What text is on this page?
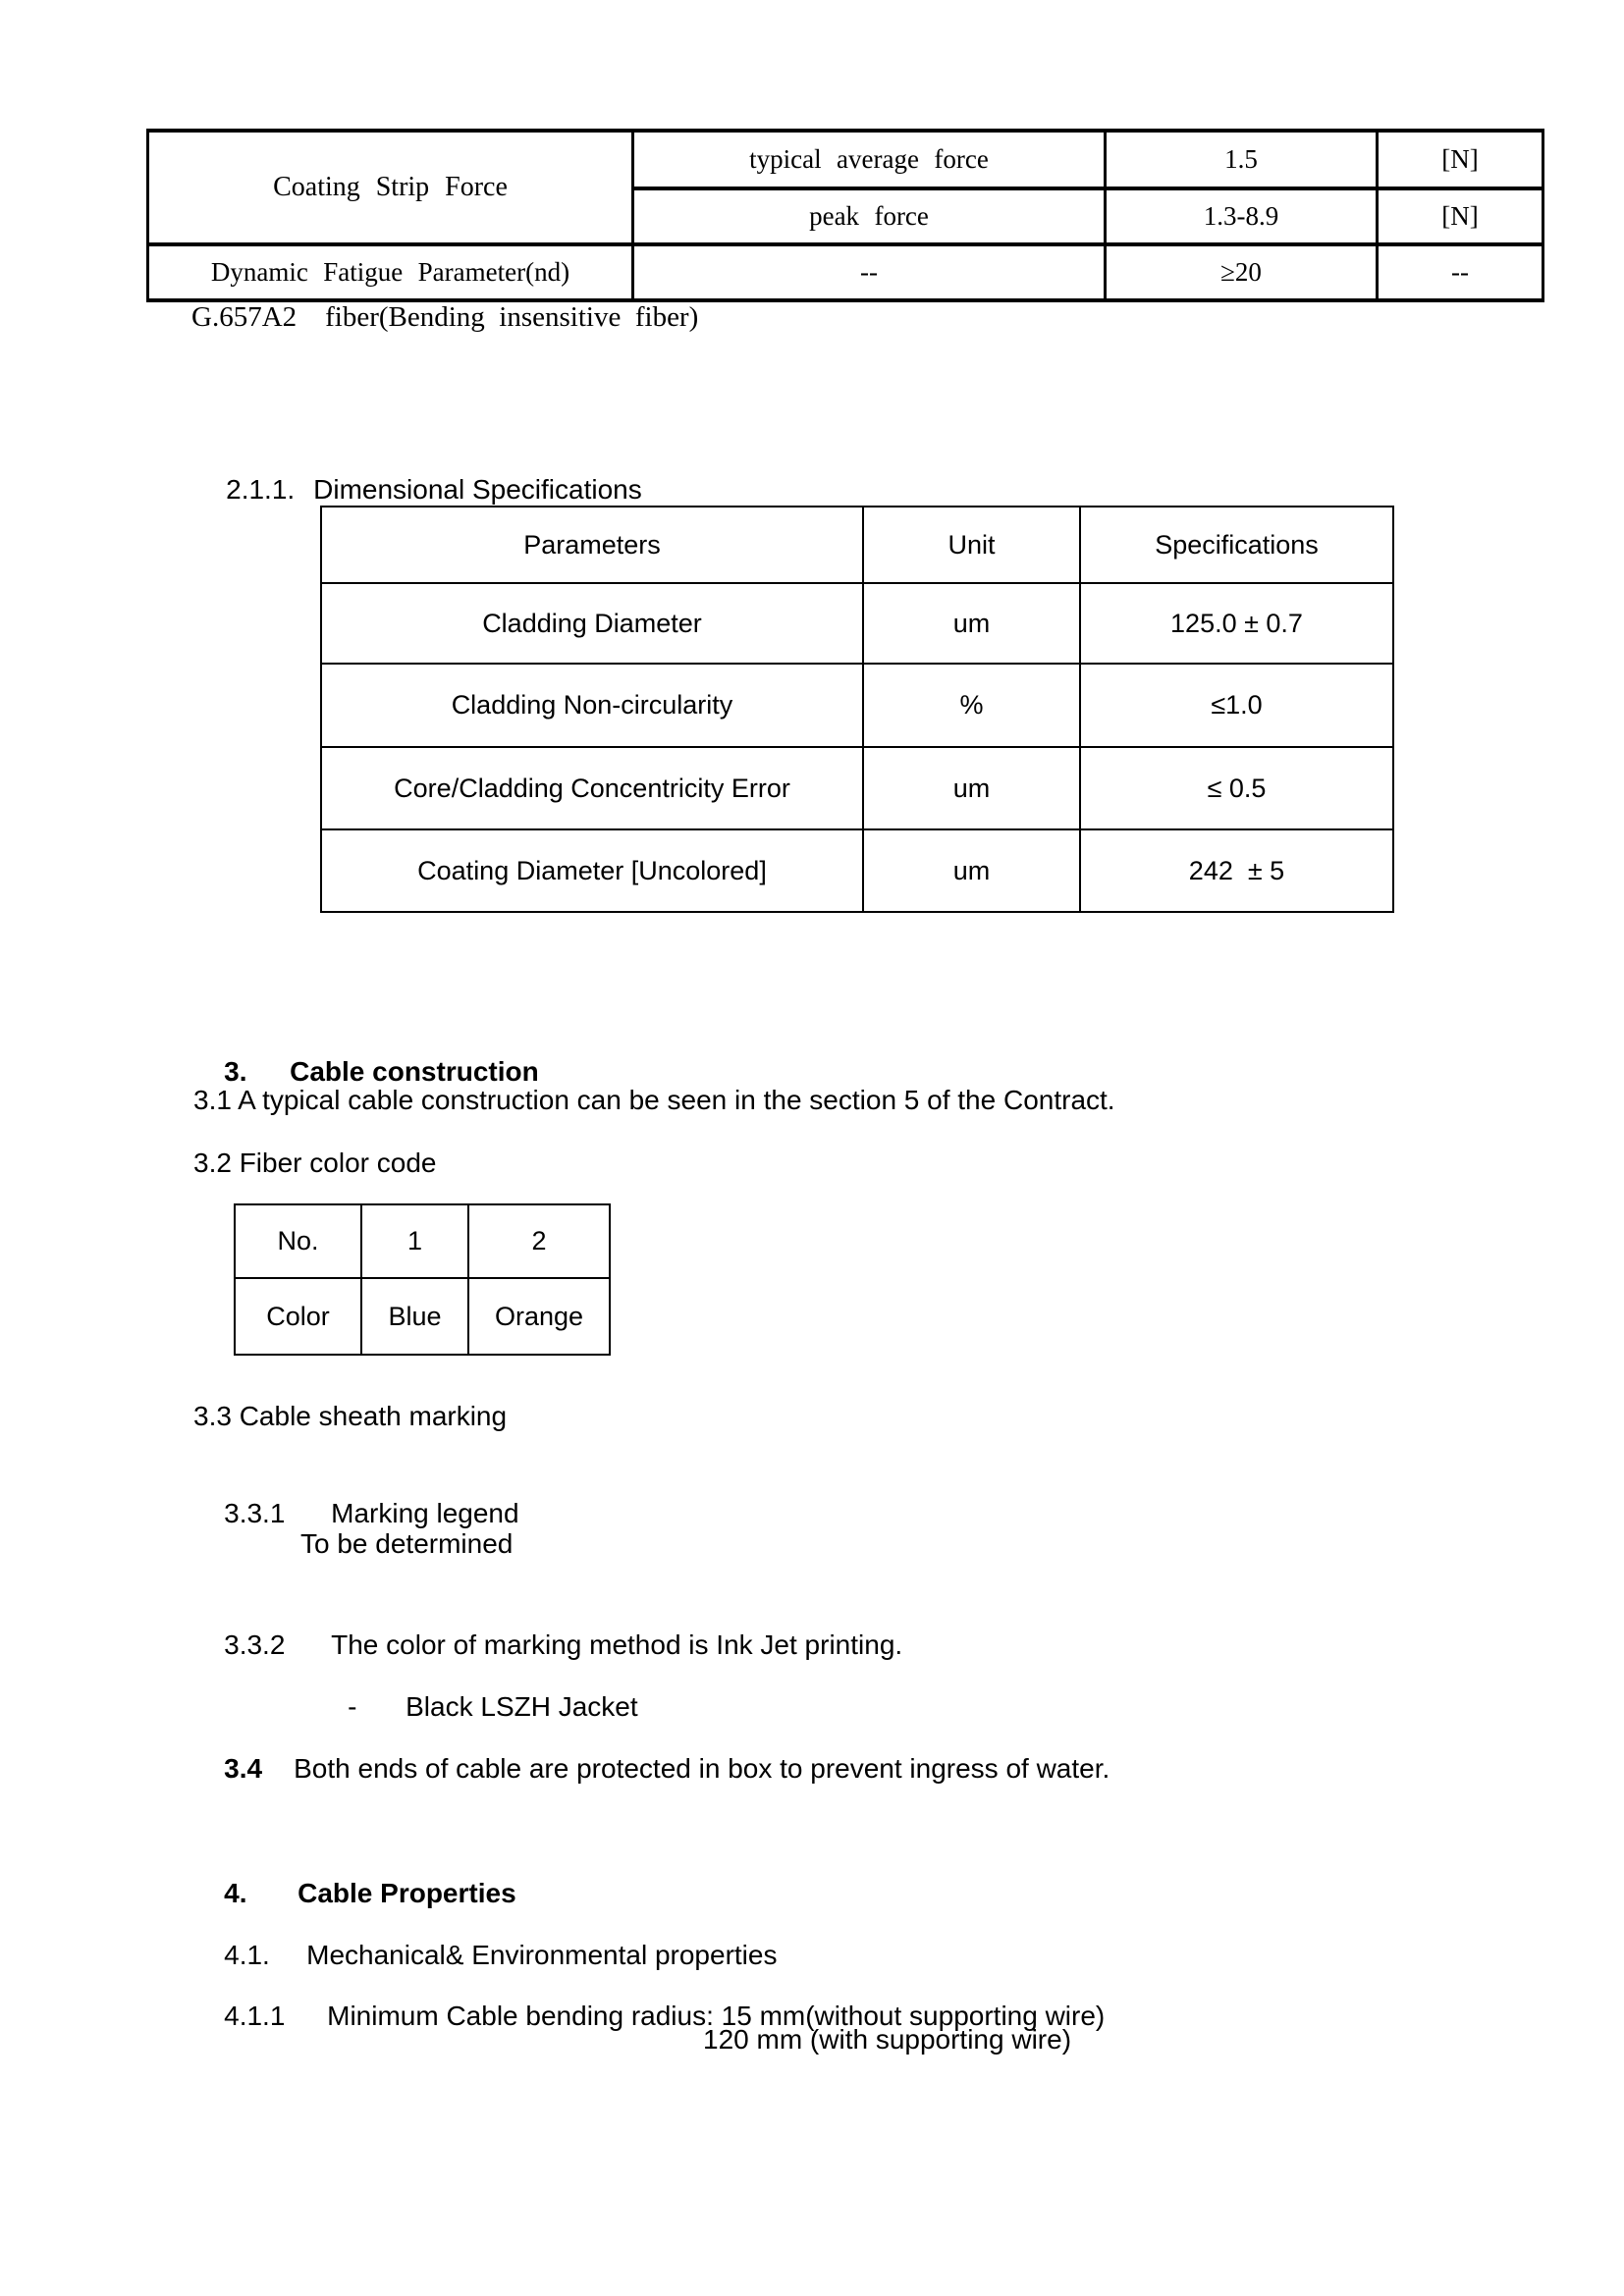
Coating Strip Force	typical average force	1.5	[N]
	peak force	1.3-8.9	[N]
Dynamic Fatigue Parameter(nd)	--	≥20	--
G.657A2    fiber(Bending  insensitive  fiber)

2.1.1. Dimensional Specifications

Parameters	Unit	Specifications
Cladding Diameter	um	125.0 ± 0.7
Cladding Non-circularity	%	≤1.0
Core/Cladding Concentricity Error	um	≤ 0.5
Coating Diameter [Uncolored]	um	242  ± 5

3. Cable construction

3.1 A typical cable construction can be seen in the section 5 of the Contract.
3.2 Fiber color code
No.	1	2
Color	Blue	Orange
3.3 Cable sheath marking

3.3.1 Marking legend

To be determined

3.3.2 The color of marking method is Ink Jet printing.

- Black LSZH Jacket

3.4 Both ends of cable are protected in box to prevent ingress of water.

4. Cable Properties

4.1. Mechanical& Environmental properties

4.1.1 Minimum Cable bending radius: 15 mm(without supporting wire)

120 mm (with supporting wire)
